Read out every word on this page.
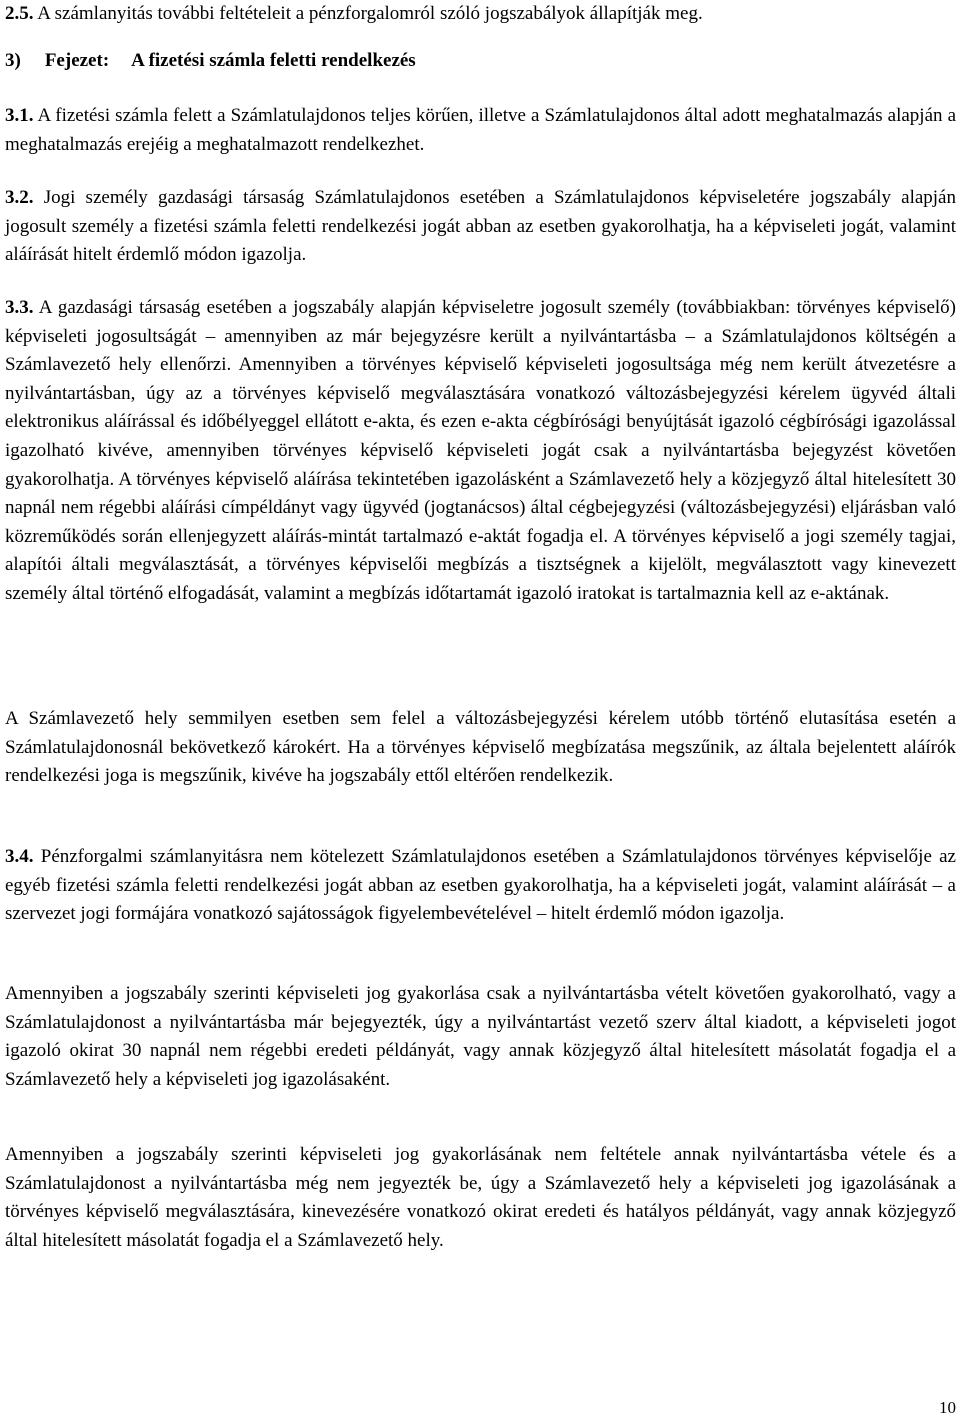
2.5. A számlanyitás további feltételeit a pénzforgalomról szóló jogszabályok állapítják meg.

3) Fejezet: A fizetési számla feletti rendelkezés

3.1. A fizetési számla felett a Számlatulajdonos teljes körűen, illetve a Számlatulajdonos által adott meghatalmazás alapján a meghatalmazás erejéig a meghatalmazott rendelkezhet.

3.2. Jogi személy gazdasági társaság Számlatulajdonos esetében a Számlatulajdonos képviseletére jogszabály alapján jogosult személy a fizetési számla feletti rendelkezési jogát abban az esetben gyakorolhatja, ha a képviseleti jogát, valamint aláírását hitelt érdemlő módon igazolja.

3.3. A gazdasági társaság esetében a jogszabály alapján képviseletre jogosult személy (továbbiakban: törvényes képviselő) képviseleti jogosultságát – amennyiben az már bejegyzésre került a nyilvántartásba – a Számlatulajdonos költségén a Számlavezető hely ellenőrzi. Amennyiben a törvényes képviselő képviseleti jogosultsága még nem került átvezetésre a nyilvántartásban, úgy az a törvényes képviselő megválasztására vonatkozó változásbejegyzési kérelem ügyvéd általi elektronikus aláírással és időbélyeggel ellátott e-akta, és ezen e-akta cégbírósági benyújtását igazoló cégbírósági igazolással igazolható kivéve, amennyiben törvényes képviselő képviseleti jogát csak a nyilvántartásba bejegyzést követően gyakorolhatja. A törvényes képviselő aláírása tekintetében igazolásként a Számlavezető hely a közjegyző által hitelesített 30 napnál nem régebbi aláírási címpéldányt vagy ügyvéd (jogtanácsos) által cégbejegyzési (változásbejegyzési) eljárásban való közreműködés során ellenjegyzett aláírás-mintát tartalmazó e-aktát fogadja el. A törvényes képviselő a jogi személy tagjai, alapítói általi megválasztását, a törvényes képviselői megbízás a tisztségnek a kijelölt, megválasztott vagy kinevezett személy által történő elfogadását, valamint a megbízás időtartamát igazoló iratokat is tartalmaznia kell az e-aktának.

A Számlavezető hely semmilyen esetben sem felel a változásbejegyzési kérelem utóbb történő elutasítása esetén a Számlatulajdonosnál bekövetkező károkért. Ha a törvényes képviselő megbízatása megszűnik, az általa bejelentett aláírók rendelkezési joga is megszűnik, kivéve ha jogszabály ettől eltérően rendelkezik.

3.4. Pénzforgalmi számlanyitásra nem kötelezett Számlatulajdonos esetében a Számlatulajdonos törvényes képviselője az egyéb fizetési számla feletti rendelkezési jogát abban az esetben gyakorolhatja, ha a képviseleti jogát, valamint aláírását – a szervezet jogi formájára vonatkozó sajátosságok figyelembevételével – hitelt érdemlő módon igazolja.

Amennyiben a jogszabály szerinti képviseleti jog gyakorlása csak a nyilvántartásba vételt követően gyakorolható, vagy a Számlatulajdonost a nyilvántartásba már bejegyezték, úgy a nyilvántartást vezető szerv által kiadott, a képviseleti jogot igazoló okirat 30 napnál nem régebbi eredeti példányát, vagy annak közjegyző által hitelesített másolatát fogadja el a Számlavezető hely a képviseleti jog igazolásaként.

Amennyiben a jogszabály szerinti képviseleti jog gyakorlásának nem feltétele annak nyilvántartásba vétele és a Számlatulajdonost a nyilvántartásba még nem jegyezték be, úgy a Számlavezető hely a képviseleti jog igazolásának a törvényes képviselő megválasztására, kinevezésére vonatkozó okirat eredeti és hatályos példányát, vagy annak közjegyző által hitelesített másolatát fogadja el a Számlavezető hely.

10
